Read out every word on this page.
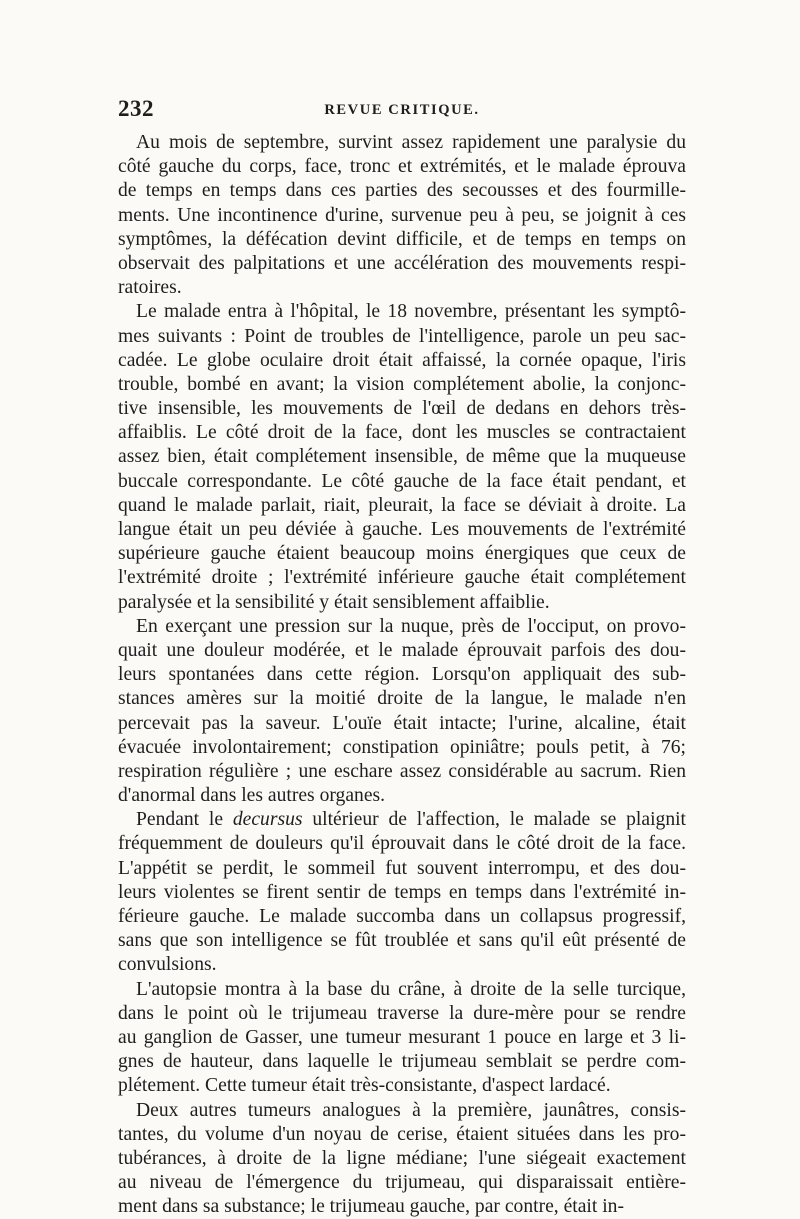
232	REVUE CRITIQUE.
Au mois de septembre, survint assez rapidement une paralysie du
côté gauche du corps, face, tronc et extrémités, et le malade éprouva
de temps en temps dans ces parties des secousses et des fourmille-
ments. Une incontinence d'urine, survenue peu à peu, se joignit à ces
symptômes, la défécation devint difficile, et de temps en temps on
observait des palpitations et une accélération des mouvements respi-
ratoires.
Le malade entra à l'hôpital, le 18 novembre, présentant les symptô-
mes suivants : Point de troubles de l'intelligence, parole un peu sac-
cadée. Le globe oculaire droit était affaissé, la cornée opaque, l'iris
trouble, bombé en avant; la vision complétement abolie, la conjonc-
tive insensible, les mouvements de l'œil de dedans en dehors très-
affaiblis. Le côté droit de la face, dont les muscles se contractaient
assez bien, était complétement insensible, de même que la muqueuse
buccale correspondante. Le côté gauche de la face était pendant, et
quand le malade parlait, riait, pleurait, la face se déviait à droite. La
langue était un peu déviée à gauche. Les mouvements de l'extrémité
supérieure gauche étaient beaucoup moins énergiques que ceux de
l'extrémité droite ; l'extrémité inférieure gauche était complétement
paralysée et la sensibilité y était sensiblement affaiblie.
En exerçant une pression sur la nuque, près de l'occiput, on provo-
quait une douleur modérée, et le malade éprouvait parfois des dou-
leurs spontanées dans cette région. Lorsqu'on appliquait des sub-
stances amères sur la moitié droite de la langue, le malade n'en
percevait pas la saveur. L'ouïe était intacte; l'urine, alcaline, était
évacuée involontairement; constipation opiniâtre; pouls petit, à 76;
respiration régulière ; une eschare assez considérable au sacrum. Rien
d'anormal dans les autres organes.
Pendant le decursus ultérieur de l'affection, le malade se plaignit
fréquemment de douleurs qu'il éprouvait dans le côté droit de la face.
L'appétit se perdit, le sommeil fut souvent interrompu, et des dou-
leurs violentes se firent sentir de temps en temps dans l'extrémité in-
férieure gauche. Le malade succomba dans un collapsus progressif,
sans que son intelligence se fût troublée et sans qu'il eût présenté de
convulsions.
L'autopsie montra à la base du crâne, à droite de la selle turcique,
dans le point où le trijumeau traverse la dure-mère pour se rendre
au ganglion de Gasser, une tumeur mesurant 1 pouce en large et 3 li-
gnes de hauteur, dans laquelle le trijumeau semblait se perdre com-
plétement. Cette tumeur était très-consistante, d'aspect lardacé.
Deux autres tumeurs analogues à la première, jaunâtres, consis-
tantes, du volume d'un noyau de cerise, étaient situées dans les pro-
tubérances, à droite de la ligne médiane; l'une siégeait exactement
au niveau de l'émergence du trijumeau, qui disparaissait entière-
ment dans sa substance; le trijumeau gauche, par contre, était in-
